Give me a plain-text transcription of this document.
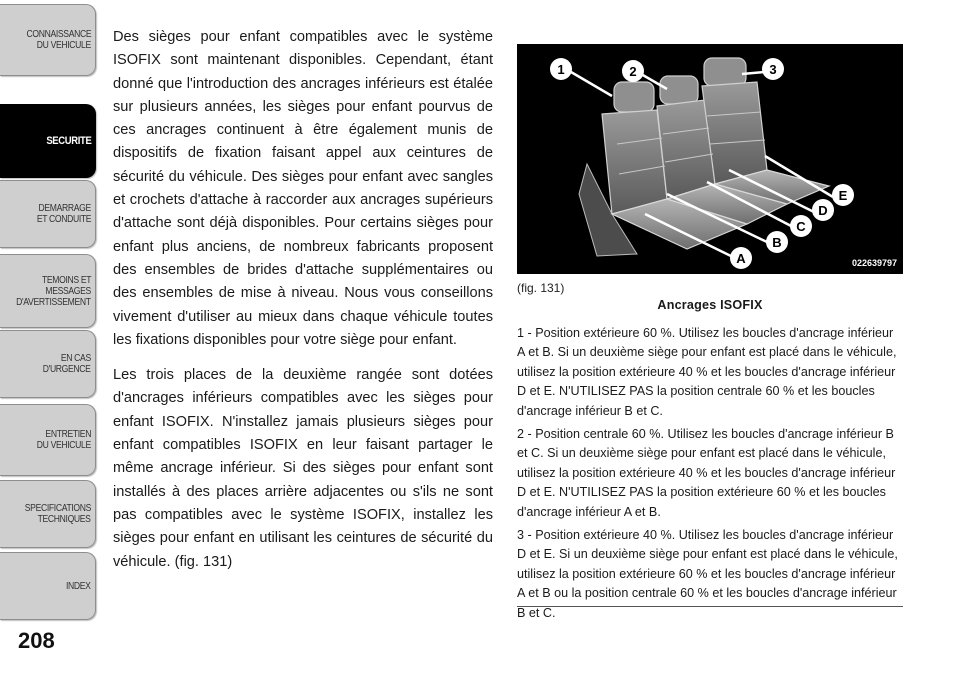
CONNAISSANCE
DU VEHICULE
SECURITE
DEMARRAGE
ET CONDUITE
TEMOINS ET
MESSAGES
D'AVERTISSEMENT
EN CAS
D'URGENCE
ENTRETIEN
DU VEHICULE
SPECIFICATIONS
TECHNIQUES
INDEX
208

Des sièges pour enfant compatibles avec le système ISOFIX sont maintenant disponibles. Cependant, étant donné que l'introduction des ancrages inférieurs est étalée sur plusieurs années, les sièges pour enfant pourvus de ces ancrages continuent à être également munis de dispositifs de fixation faisant appel aux ceintures de sécurité du véhicule. Des sièges pour enfant avec sangles et crochets d'attache à raccorder aux ancrages supérieurs d'attache sont déjà disponibles. Pour certains sièges pour enfant plus anciens, de nombreux fabricants proposent des ensembles de brides d'attache supplémentaires ou des ensembles de mise à niveau. Nous vous conseillons vivement d'utiliser au mieux dans chaque véhicule toutes les fixations disponibles pour votre siège pour enfant.

Les trois places de la deuxième rangée sont dotées d'ancrages inférieurs compatibles avec les sièges pour enfant ISOFIX. N'installez jamais plusieurs sièges pour enfant compatibles ISOFIX en leur faisant partager le même ancrage inférieur. Si des sièges pour enfant sont installés à des places arrière adjacentes ou s'ils ne sont pas compatibles avec le système ISOFIX, installez les sièges pour enfant en utilisant les ceintures de sécurité du véhicule. (fig. 131)

1	2	3
E
D
C
B
A	022639797
(fig. 131)
Ancrages ISOFIX

1 - Position extérieure 60 %. Utilisez les boucles d'ancrage inférieur A et B. Si un deuxième siège pour enfant est placé dans le véhicule, utilisez la position extérieure 40 % et les boucles d'ancrage inférieur D et E. N'UTILISEZ PAS la position centrale 60 % et les boucles d'ancrage inférieur B et C.

2 - Position centrale 60 %. Utilisez les boucles d'ancrage inférieur B et C. Si un deuxième siège pour enfant est placé dans le véhicule, utilisez la position extérieure 40 % et les boucles d'ancrage inférieur D et E. N'UTILISEZ PAS la position extérieure 60 % et les boucles d'ancrage inférieur A et B.

3 - Position extérieure 40 %. Utilisez les boucles d'ancrage inférieur D et E. Si un deuxième siège pour enfant est placé dans le véhicule, utilisez la position extérieure 60 % et les boucles d'ancrage inférieur A et B ou la position centrale 60 % et les boucles d'ancrage inférieur B et C.
